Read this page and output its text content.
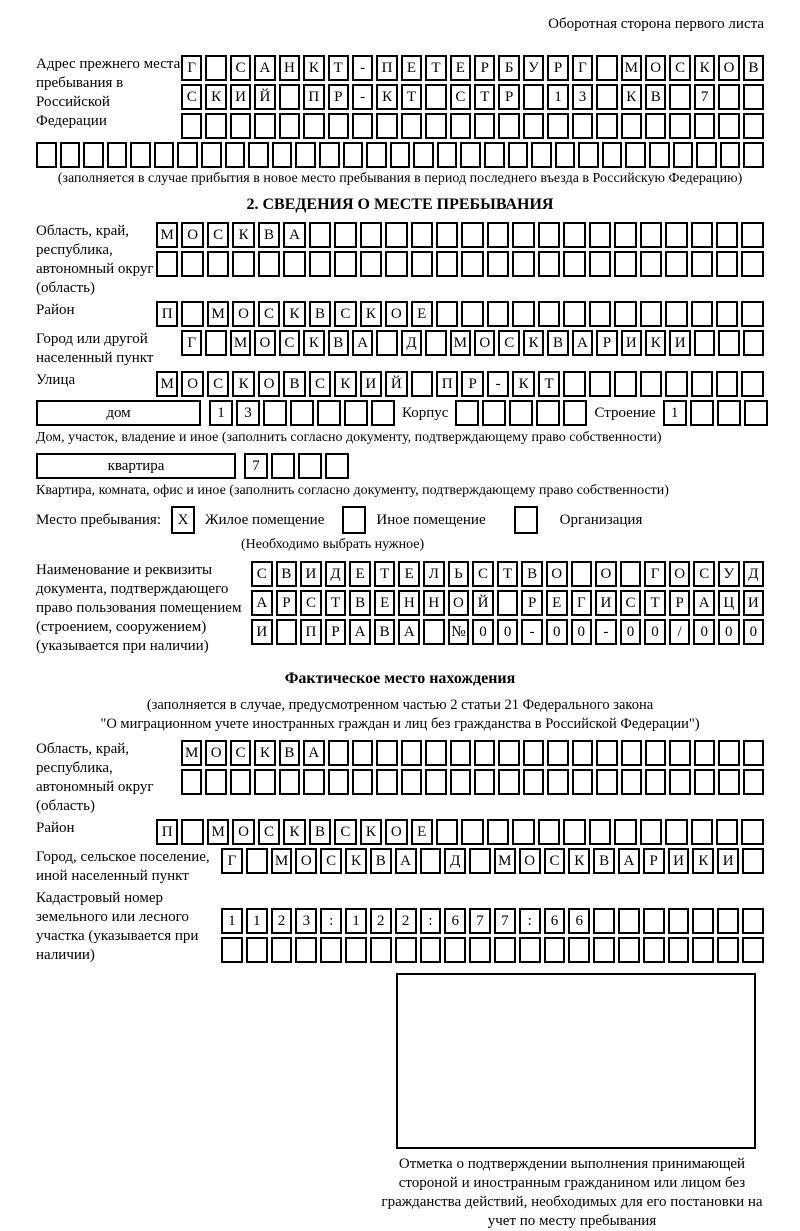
Оборотная сторона первого листа
Адрес прежнего места пребывания в Российской Федерации
Г	С А Н К Т	-	П Е	Т	Е	Р	Б У Р	Г	М О С К О В
С К И Й	П Р	-	К Т	С Т	Р	1	3	К В	7
(заполняется в случае прибытия в новое место пребывания в период последнего въезда в Российскую Федерацию)
2. СВЕДЕНИЯ О МЕСТЕ ПРЕБЫВАНИЯ
Область, край, республика, автономный округ (область)
М О	С	К	В	А
Район	П	М О	С	К	В	С	К	О	Е
Город или другой населенный пункт
Г	М О С К В А	Д	М О С К В А Р И К И
Улица	М О	С	К	О	В	С	К	И Й	П	Р	-	К	Т
дом	1	3	Корпус	Строение	1
Дом, участок, владение и иное (заполнить согласно документу, подтверждающему право собственности)
квартира	7
Квартира, комната, офис и иное (заполнить согласно документу, подтверждающему право собственности)
Место пребывания:	X	Жилое помещение	Иное помещение	Организация
(Необходимо выбрать нужное)
Наименование и реквизиты документа, подтверждающего право пользования помещением (строением, сооружением) (указывается при наличии)
С В И Д Е	Т	Е Л	Ь	С Т В О	О	Г О С У Д
А Р	С Т В Е Н Н О Й	Р	Е	Г И С Т	Р А Ц И
И	П Р А В А	№ 0	0	-	0	0	-	0	0	/	0	0	0
Фактическое место нахождения
(заполняется в случае, предусмотренном частью 2 статьи 21 Федерального закона
"О миграционном учете иностранных граждан и лиц без гражданства в Российской Федерации")
Область, край, республика, автономный округ (область)
М О С К В А
Район	П	М О	С	К	В	С	К	О	Е
Город, сельское поселение, иной населенный пункт
Г	М О С К В А	Д	М О С К В А	Р	И К И
Кадастровый номер земельного или лесного участка (указывается при наличии)
1	1	2	3	:	1	2	2	:	6	7	7	:	6	6
Отметка о подтверждении выполнения принимающей стороной и иностранным гражданином или лицом без гражданства действий, необходимых для его постановки на учет по месту пребывания
